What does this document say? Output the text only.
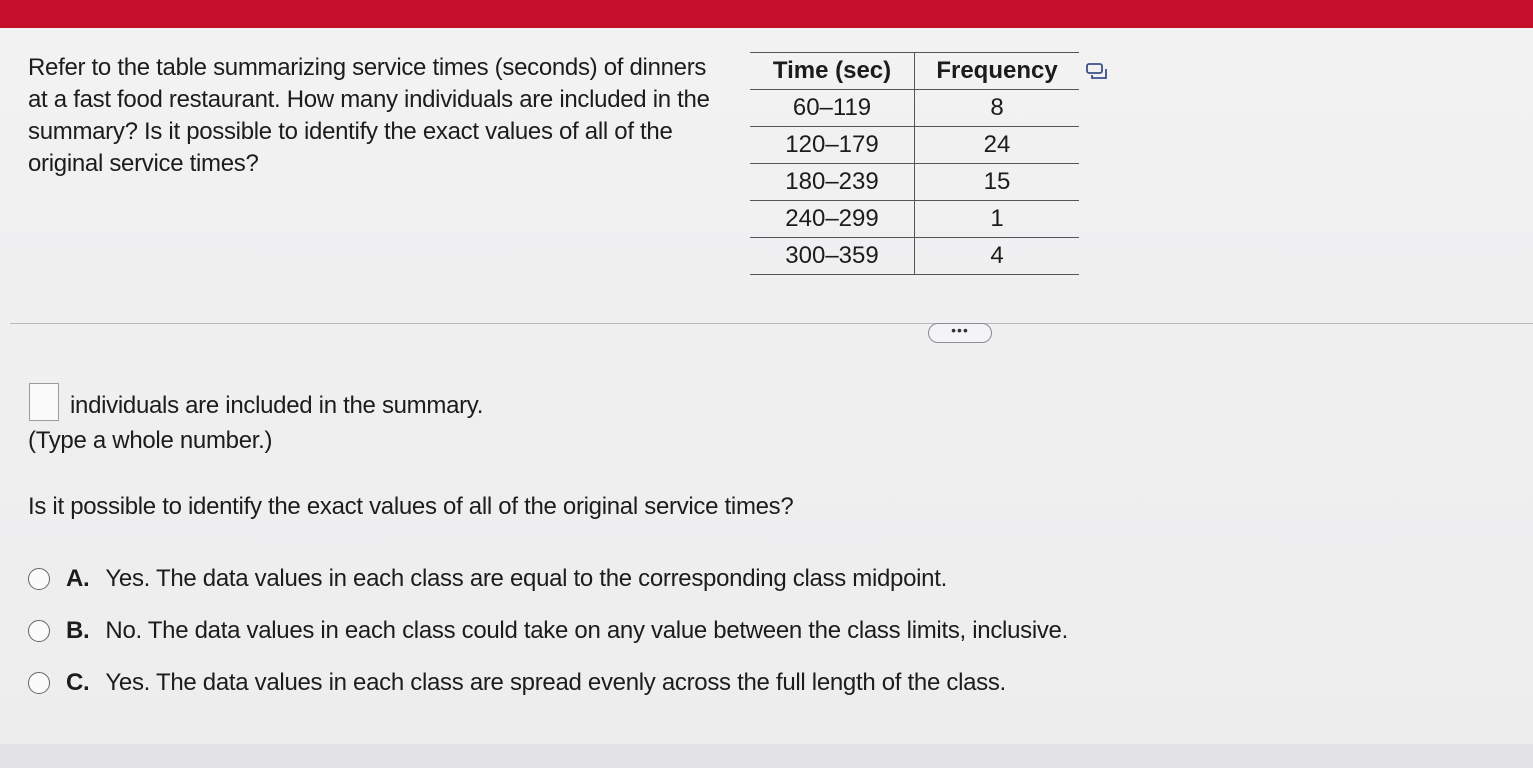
Refer to the table summarizing service times (seconds) of dinners at a fast food restaurant. How many individuals are included in the summary? Is it possible to identify the exact values of all of the original service times?
Time (sec)	Frequency
60–119	8
120–179	24
180–239	15
240–299	1
300–359	4
•••
individuals are included in the summary.
(Type a whole number.)
Is it possible to identify the exact values of all of the original service times?
A. Yes. The data values in each class are equal to the corresponding class midpoint.
B. No. The data values in each class could take on any value between the class limits, inclusive.
C. Yes. The data values in each class are spread evenly across the full length of the class.
